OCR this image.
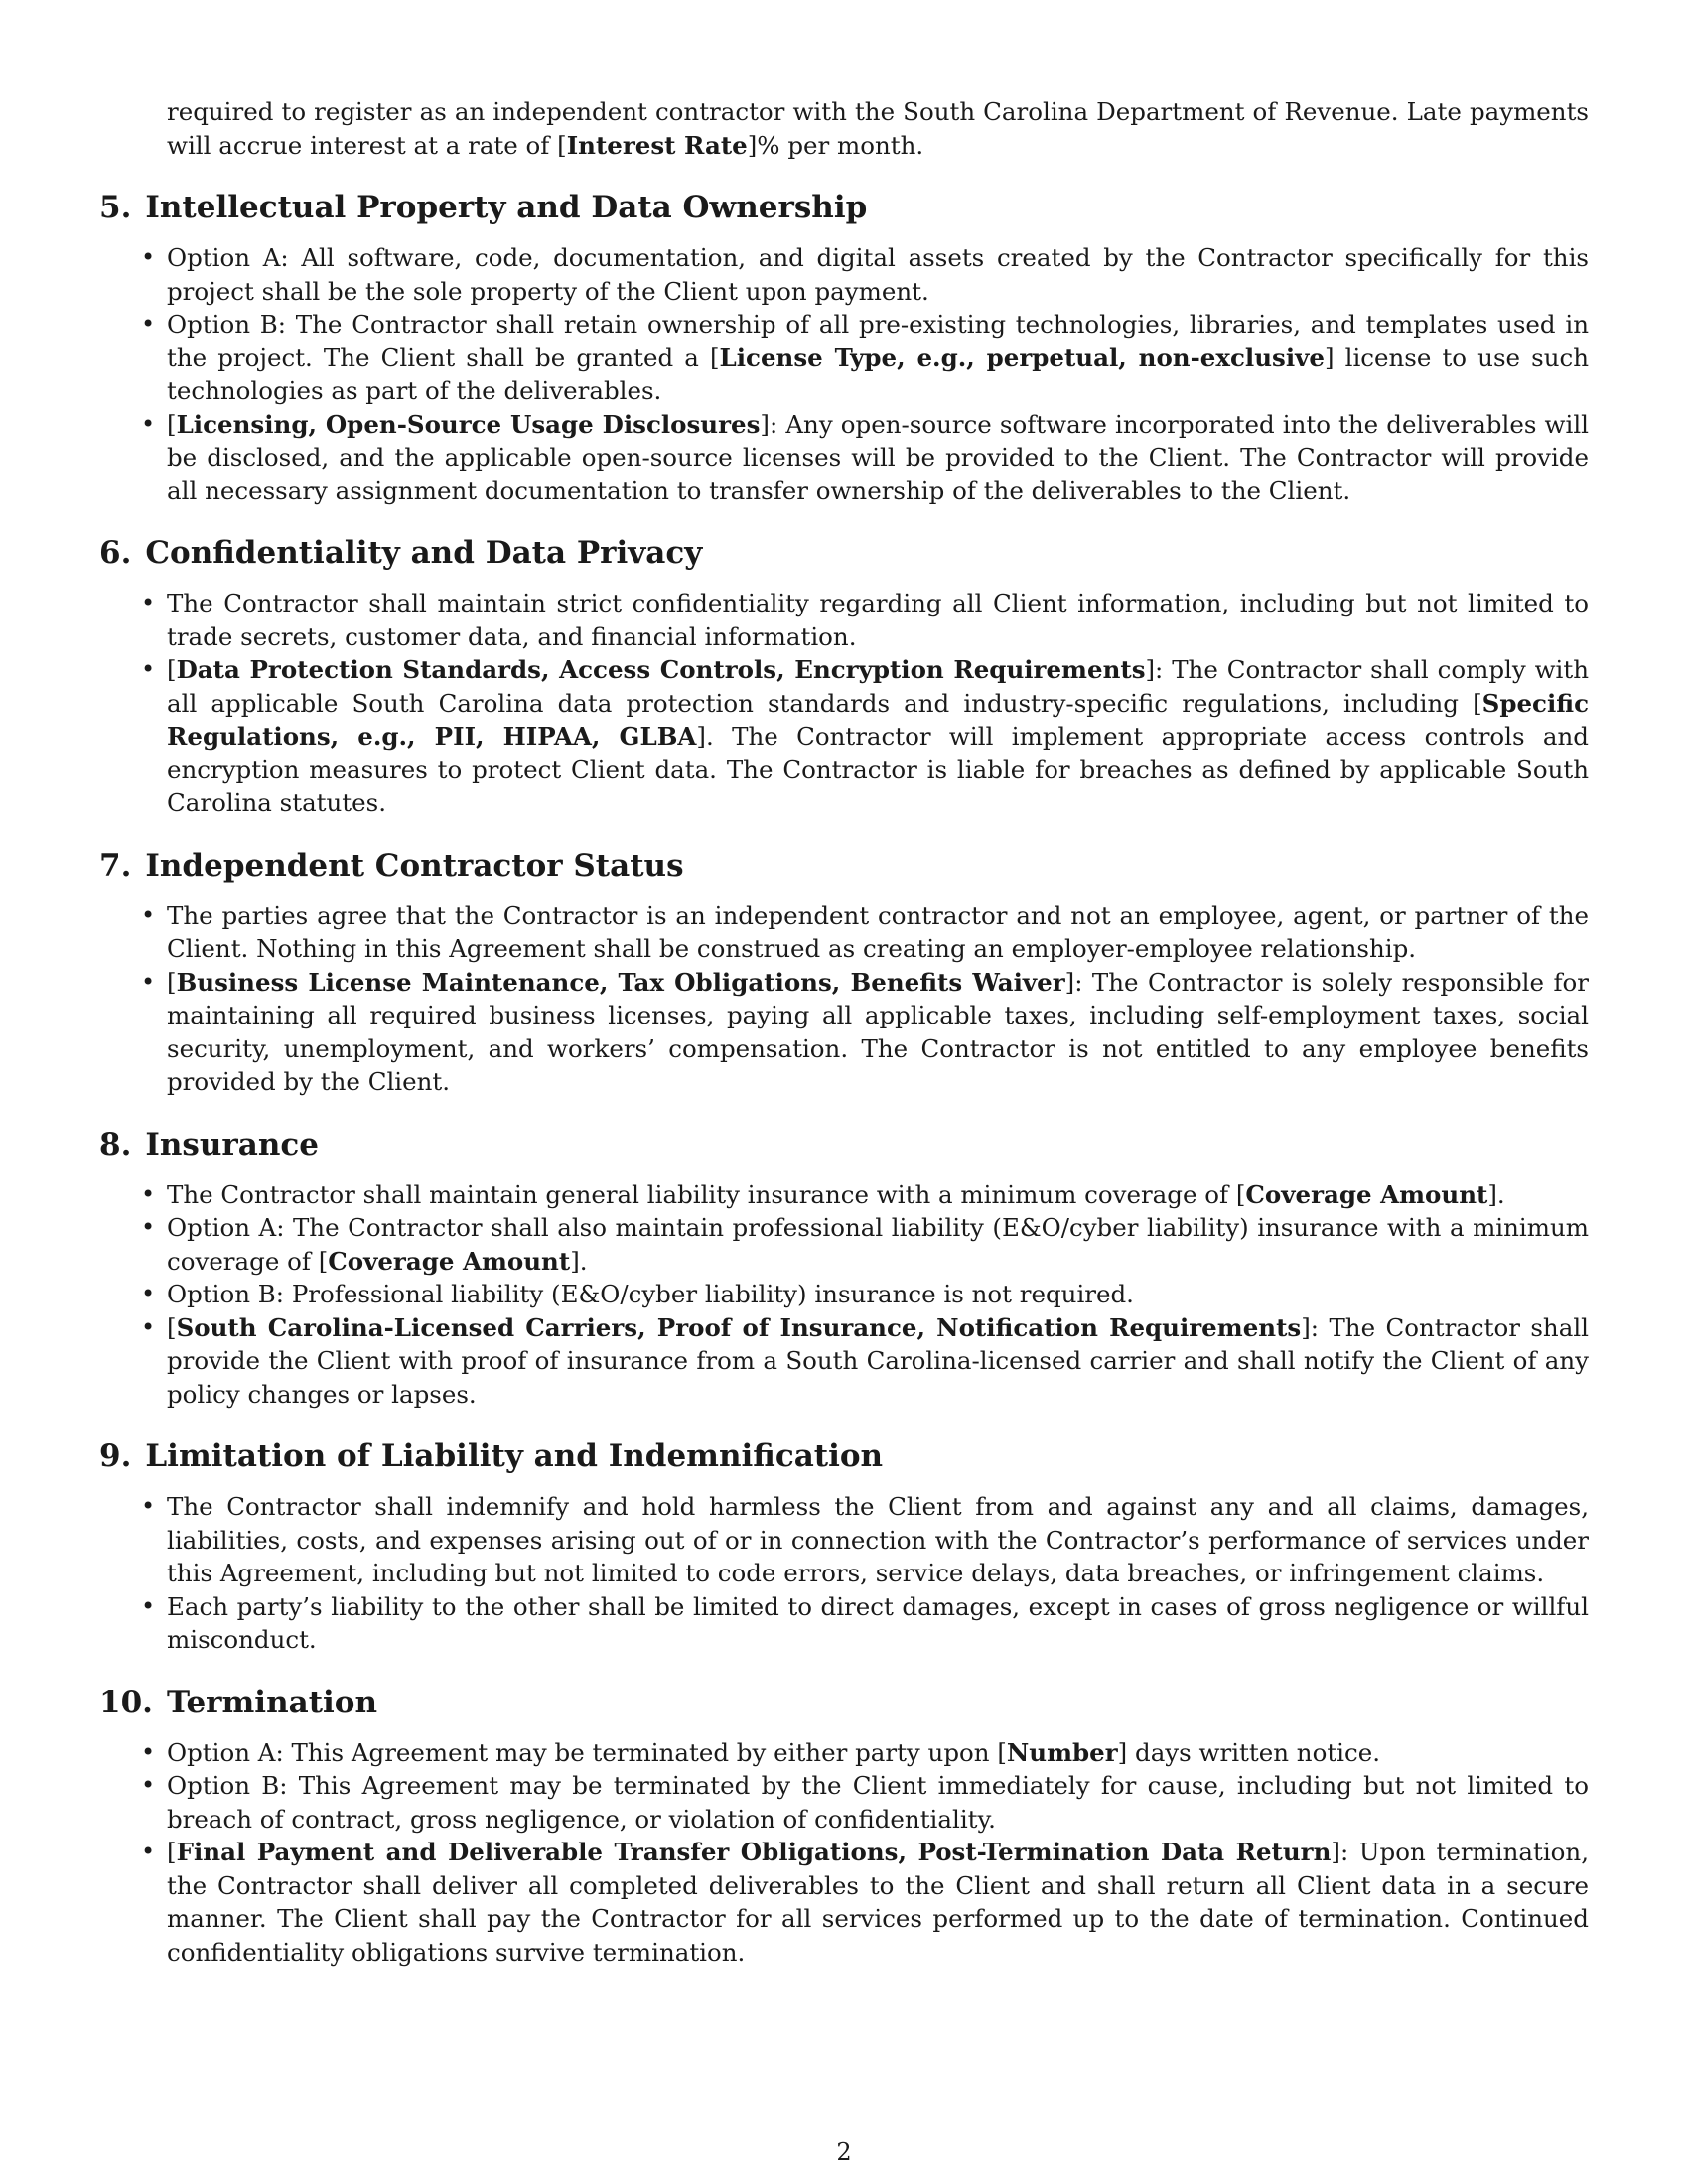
required to register as an independent contractor with the South Carolina Department of Revenue. Late payments will accrue interest at a rate of [Interest Rate]% per month.

5. Intellectual Property and Data Ownership
• Option A: All software, code, documentation, and digital assets created by the Contractor specifically for this project shall be the sole property of the Client upon payment.
• Option B: The Contractor shall retain ownership of all pre-existing technologies, libraries, and templates used in the project. The Client shall be granted a [License Type, e.g., perpetual, non-exclusive] license to use such technologies as part of the deliverables.
• [Licensing, Open-Source Usage Disclosures]: Any open-source software incorporated into the deliverables will be disclosed, and the applicable open-source licenses will be provided to the Client. The Contractor will provide all necessary assignment documentation to transfer ownership of the deliverables to the Client.
6. Confidentiality and Data Privacy
• The Contractor shall maintain strict confidentiality regarding all Client information, including but not limited to trade secrets, customer data, and financial information.
• [Data Protection Standards, Access Controls, Encryption Requirements]: The Contractor shall comply with all applicable South Carolina data protection standards and industry-specific regulations, including [Specific Regulations, e.g., PII, HIPAA, GLBA]. The Contractor will implement appropriate access controls and encryption measures to protect Client data. The Contractor is liable for breaches as defined by applicable South Carolina statutes.
7. Independent Contractor Status
• The parties agree that the Contractor is an independent contractor and not an employee, agent, or partner of the Client. Nothing in this Agreement shall be construed as creating an employer-employee relationship.
• [Business License Maintenance, Tax Obligations, Benefits Waiver]: The Contractor is solely responsible for maintaining all required business licenses, paying all applicable taxes, including self-employment taxes, social security, unemployment, and workers’ compensation. The Contractor is not entitled to any employee benefits provided by the Client.
8. Insurance
• The Contractor shall maintain general liability insurance with a minimum coverage of [Coverage Amount].
• Option A: The Contractor shall also maintain professional liability (E&O/cyber liability) insurance with a minimum coverage of [Coverage Amount].
• Option B: Professional liability (E&O/cyber liability) insurance is not required.
• [South Carolina-Licensed Carriers, Proof of Insurance, Notification Requirements]: The Contractor shall provide the Client with proof of insurance from a South Carolina-licensed carrier and shall notify the Client of any policy changes or lapses.
9. Limitation of Liability and Indemnification
• The Contractor shall indemnify and hold harmless the Client from and against any and all claims, damages, liabilities, costs, and expenses arising out of or in connection with the Contractor’s performance of services under this Agreement, including but not limited to code errors, service delays, data breaches, or infringement claims.
• Each party’s liability to the other shall be limited to direct damages, except in cases of gross negligence or willful misconduct.
10. Termination
• Option A: This Agreement may be terminated by either party upon [Number] days written notice.
• Option B: This Agreement may be terminated by the Client immediately for cause, including but not limited to breach of contract, gross negligence, or violation of confidentiality.
• [Final Payment and Deliverable Transfer Obligations, Post-Termination Data Return]: Upon termination, the Contractor shall deliver all completed deliverables to the Client and shall return all Client data in a secure manner. The Client shall pay the Contractor for all services performed up to the date of termination. Continued confidentiality obligations survive termination.
2
